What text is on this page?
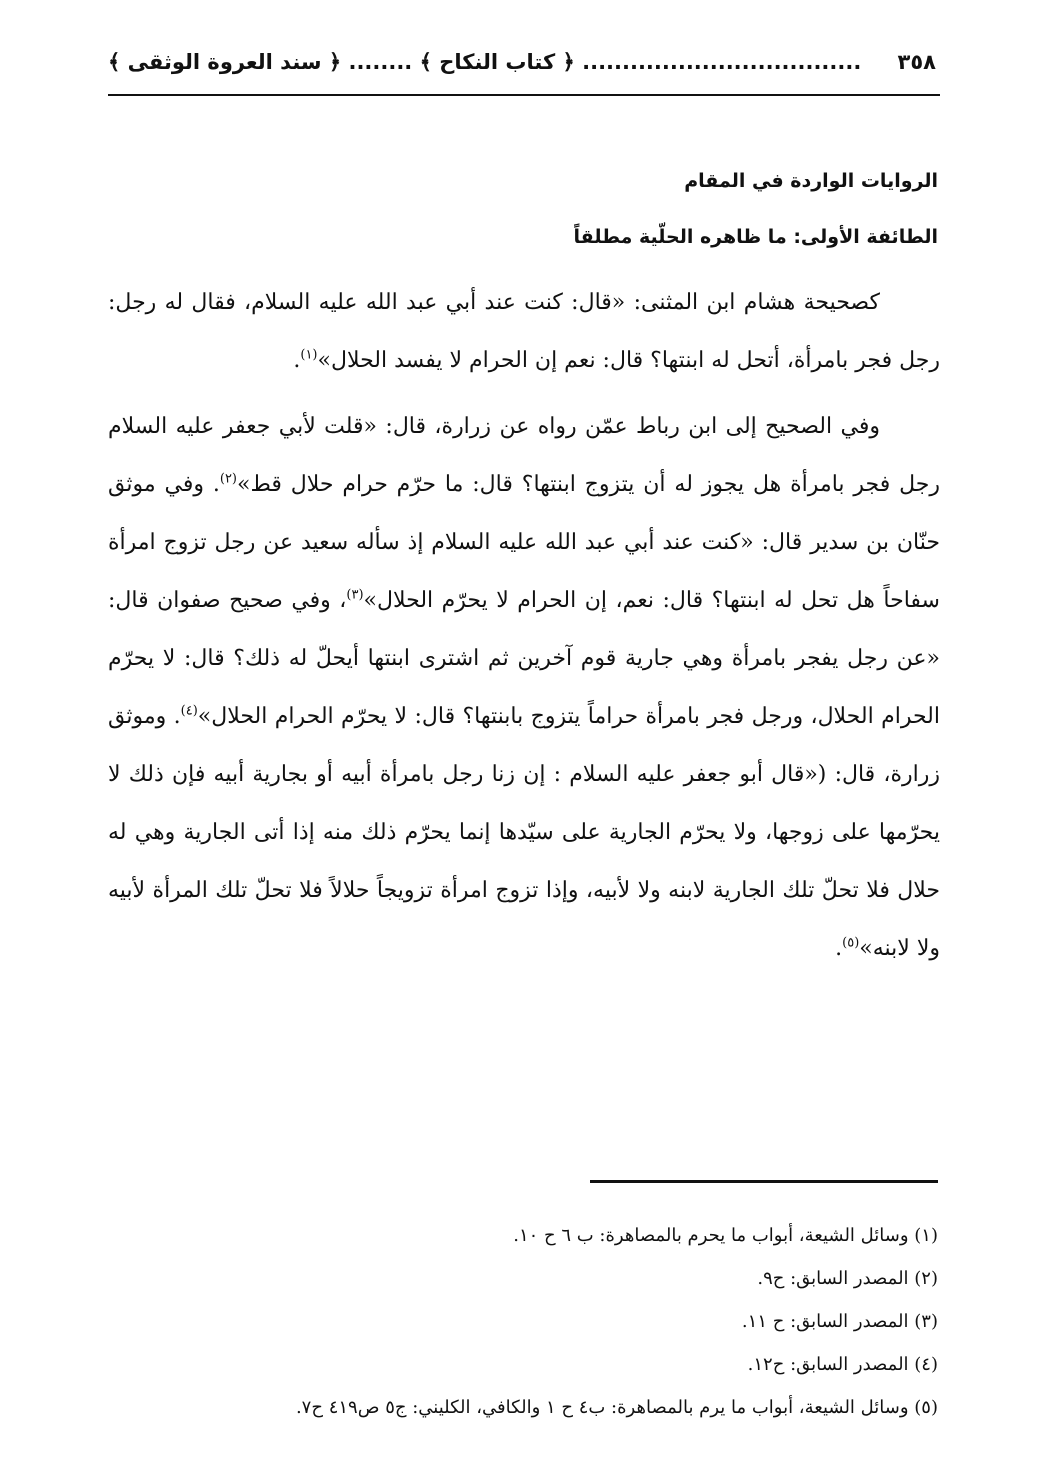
٣٥٨
................................... ﴿ كتاب النكاح ﴾ ........ ﴿ سند العروة الوثقى ﴾
الروايات الواردة في المقام
الطائفة الأولى: ما ظاهره الحلّية مطلقاً

كصحيحة هشام ابن المثنى: «قال: كنت عند أبي عبد الله عليه السلام، فقال له رجل: رجل فجر بامرأة، أتحل له ابنتها؟ قال: نعم إن الحرام لا يفسد الحلال»$^{(١)}$.

وفي الصحيح إلى ابن رباط عمّن رواه عن زرارة، قال: «قلت لأبي جعفر عليه السلام رجل فجر بامرأة هل يجوز له أن يتزوج ابنتها؟ قال: ما حرّم حرام حلال قط»$^{(٢)}$. وفي موثق حنّان بن سدير قال: «كنت عند أبي عبد الله عليه السلام إذ سأله سعيد عن رجل تزوج امرأة سفاحاً هل تحل له ابنتها؟ قال: نعم، إن الحرام لا يحرّم الحلال»$^{(٣)}$، وفي صحيح صفوان قال: «عن رجل يفجر بامرأة وهي جارية قوم آخرين ثم اشترى ابنتها أيحلّ له ذلك؟ قال: لا يحرّم الحرام الحلال، ورجل فجر بامرأة حراماً يتزوج بابنتها؟ قال: لا يحرّم الحرام الحلال»$^{(٤)}$. وموثق زرارة، قال: («قال أبو جعفر عليه السلام : إن زنا رجل بامرأة أبيه أو بجارية أبيه فإن ذلك لا يحرّمها على زوجها، ولا يحرّم الجارية على سيّدها إنما يحرّم ذلك منه إذا أتى الجارية وهي له حلال فلا تحلّ تلك الجارية لابنه ولا لأبيه، وإذا تزوج امرأة تزويجاً حلالاً فلا تحلّ تلك المرأة لأبيه ولا لابنه»$^{(٥)}$.

(١) وسائل الشيعة، أبواب ما يحرم بالمصاهرة: ب ٦ ح ١٠.
(٢) المصدر السابق: ح٩.
(٣) المصدر السابق: ح ١١.
(٤) المصدر السابق: ح١٢.
(٥) وسائل الشيعة، أبواب ما يرم بالمصاهرة: ب٤ ح ١ والكافي، الكليني: ج٥ ص٤١٩ ح٧.
